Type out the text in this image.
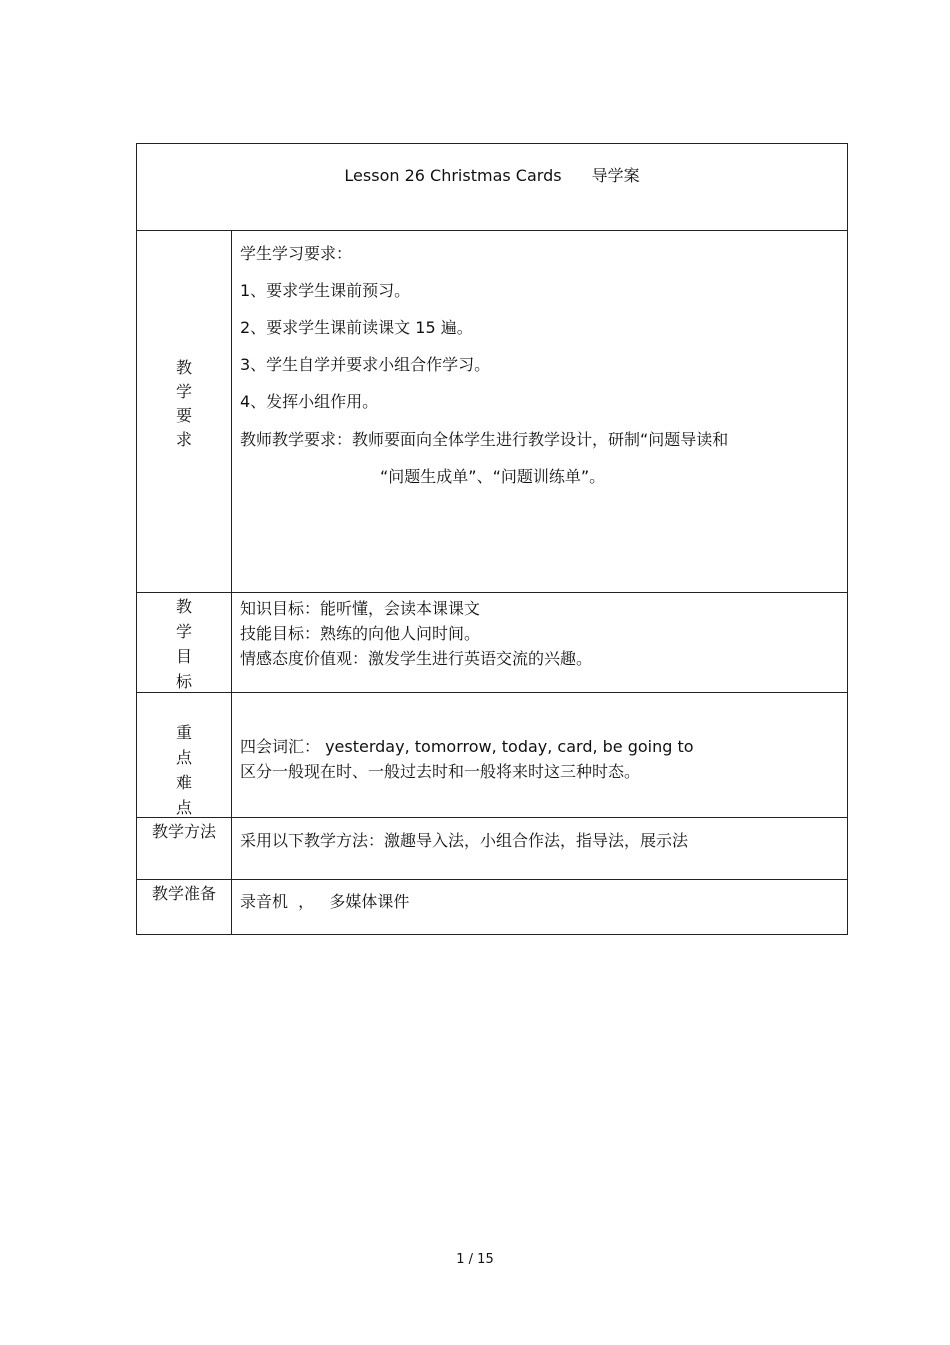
Lesson 26 Christmas Cards 导学案
教
学
要
求
学生学习要求：
1、要求学生课前预习。
2、要求学生课前读课文 15 遍。
3、学生自学并要求小组合作学习。
4、发挥小组作用。
教师教学要求：教师要面向全体学生进行教学设计，研制“问题导读和
“问题生成单”、“问题训练单”。
教
学
目
标
知识目标：能听懂，会读本课课文
技能目标：熟练的向他人问时间。
情感态度价值观：激发学生进行英语交流的兴趣。
重
点
难
点
四会词汇： yesterday, tomorrow, today, card, be going to
区分一般现在时、一般过去时和一般将来时这三种时态。
教学方法	采用以下教学方法：激趣导入法，小组合作法，指导法，展示法
教学准备	录音机  ，   多媒体课件
1 / 15
